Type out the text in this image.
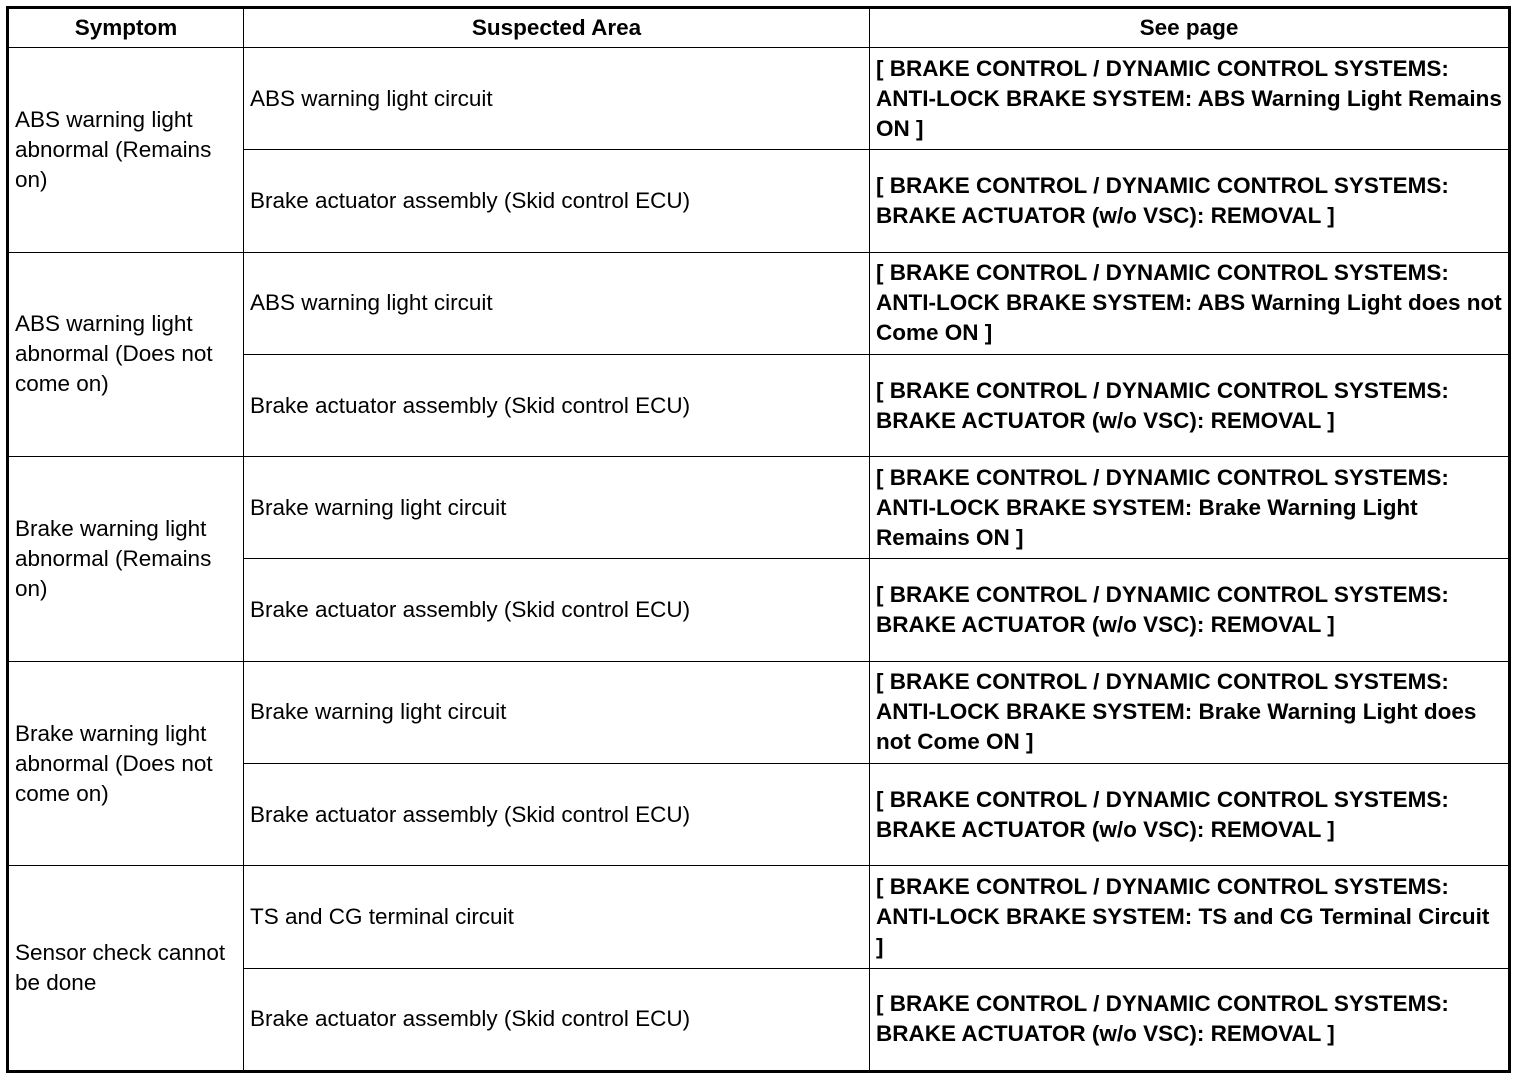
Symptom	Suspected Area	See page
ABS warning light abnormal (Remains on)	ABS warning light circuit	[ BRAKE CONTROL / DYNAMIC CONTROL SYSTEMS: ANTI-LOCK BRAKE SYSTEM: ABS Warning Light Remains ON ]
	Brake actuator assembly (Skid control ECU)	[ BRAKE CONTROL / DYNAMIC CONTROL SYSTEMS: BRAKE ACTUATOR (w/o VSC): REMOVAL ]
ABS warning light abnormal (Does not come on)	ABS warning light circuit	[ BRAKE CONTROL / DYNAMIC CONTROL SYSTEMS: ANTI-LOCK BRAKE SYSTEM: ABS Warning Light does not Come ON ]
	Brake actuator assembly (Skid control ECU)	[ BRAKE CONTROL / DYNAMIC CONTROL SYSTEMS: BRAKE ACTUATOR (w/o VSC): REMOVAL ]
Brake warning light abnormal (Remains on)	Brake warning light circuit	[ BRAKE CONTROL / DYNAMIC CONTROL SYSTEMS: ANTI-LOCK BRAKE SYSTEM: Brake Warning Light Remains ON ]
	Brake actuator assembly (Skid control ECU)	[ BRAKE CONTROL / DYNAMIC CONTROL SYSTEMS: BRAKE ACTUATOR (w/o VSC): REMOVAL ]
Brake warning light abnormal (Does not come on)	Brake warning light circuit	[ BRAKE CONTROL / DYNAMIC CONTROL SYSTEMS: ANTI-LOCK BRAKE SYSTEM: Brake Warning Light does not Come ON ]
	Brake actuator assembly (Skid control ECU)	[ BRAKE CONTROL / DYNAMIC CONTROL SYSTEMS: BRAKE ACTUATOR (w/o VSC): REMOVAL ]
Sensor check cannot be done	TS and CG terminal circuit	[ BRAKE CONTROL / DYNAMIC CONTROL SYSTEMS: ANTI-LOCK BRAKE SYSTEM: TS and CG Terminal Circuit ]
	Brake actuator assembly (Skid control ECU)	[ BRAKE CONTROL / DYNAMIC CONTROL SYSTEMS: BRAKE ACTUATOR (w/o VSC): REMOVAL ]
